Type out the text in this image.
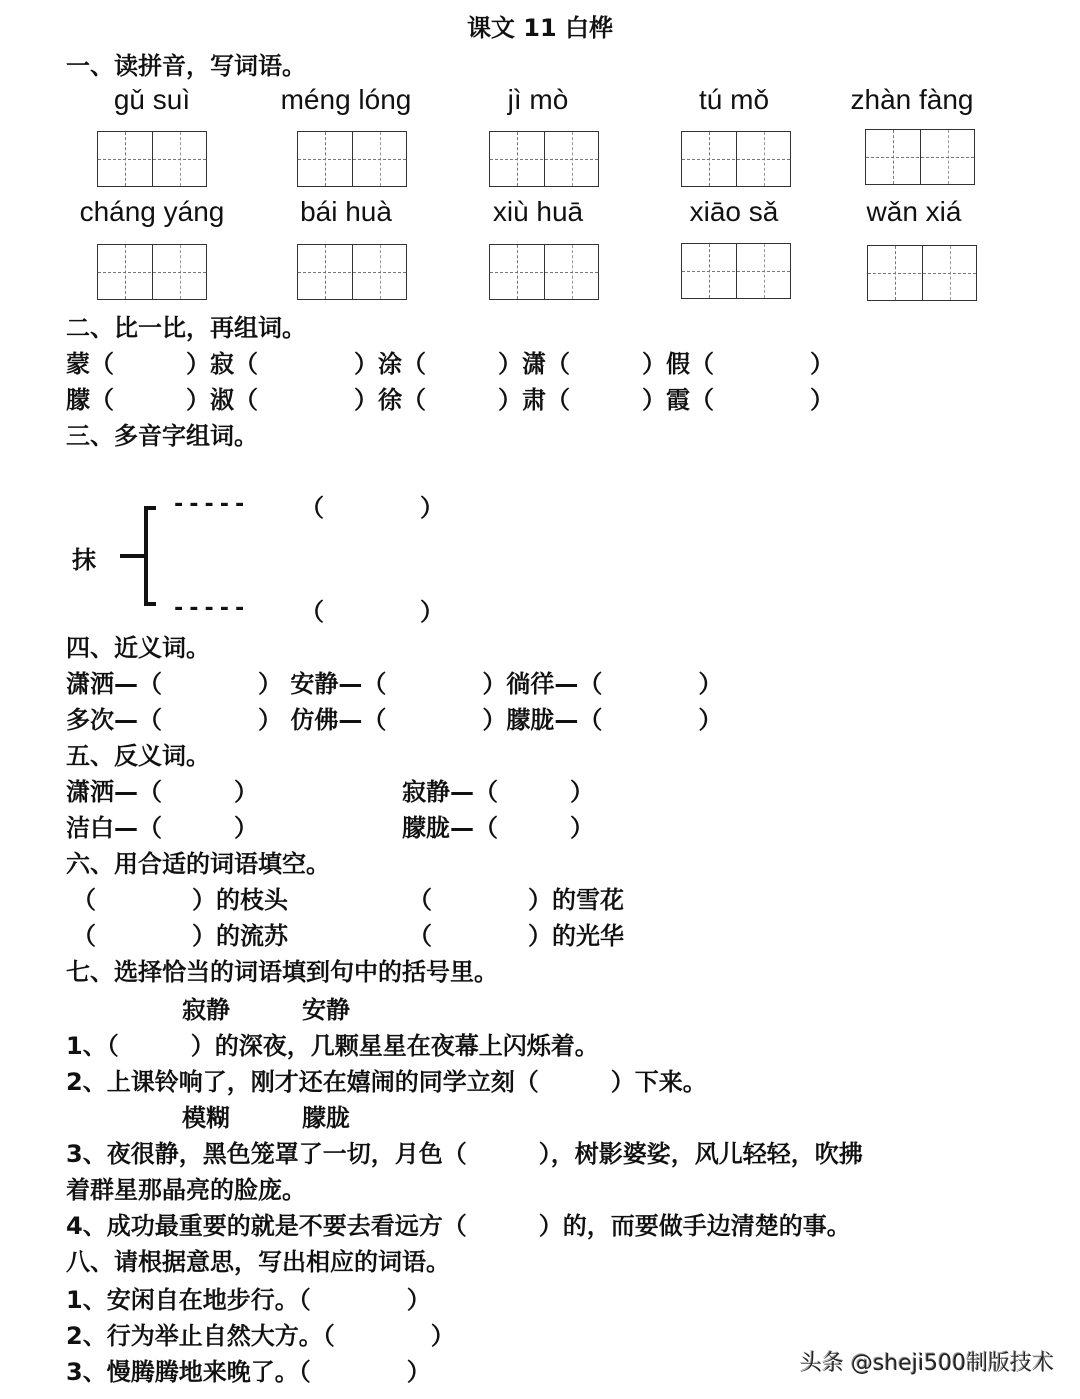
课文 11 白桦
一、读拼音，写词语。
gǔ suì	méng lóng	jì mò	tú mǒ	zhàn fàng
cháng yáng	bái huà	xiù huā	xiāo sǎ	wǎn xiá
二、比一比，再组词。
蒙（　　　）寂（　　　　）涂（　　　）潇（　　　）假（　　　　）
朦（　　　）淑（　　　　）徐（　　　）肃（　　　）霞（　　　　）
三、多音字组词。
抹
-----
-----
（　　　　）
（　　　　）
四、近义词。
潇洒—（　　　　） 安静—（　　　　）徜徉—（　　　　）
多次—（　　　　） 仿佛—（　　　　）朦胧—（　　　　）
五、反义词。
潇洒—（　　　）	寂静—（　　　）
洁白—（　　　）	朦胧—（　　　）
六、用合适的词语填空。
（　　　　）的枝头	（　　　　）的雪花
（　　　　）的流苏	（　　　　）的光华
七、选择恰当的词语填到句中的括号里。
寂静　　　安静
1、（　　　）的深夜，几颗星星在夜幕上闪烁着。
2、上课铃响了，刚才还在嬉闹的同学立刻（　　　）下来。
模糊　　　朦胧
3、夜很静，黑色笼罩了一切，月色（　　　），树影婆娑，风儿轻轻，吹拂
着群星那晶亮的脸庞。
4、成功最重要的就是不要去看远方（　　　）的，而要做手边清楚的事。
八、请根据意思，写出相应的词语。
1、安闲自在地步行。（　　　　）
2、行为举止自然大方。（　　　　）
3、慢腾腾地来晚了。（　　　　）	头条 @sheji500制版技术
